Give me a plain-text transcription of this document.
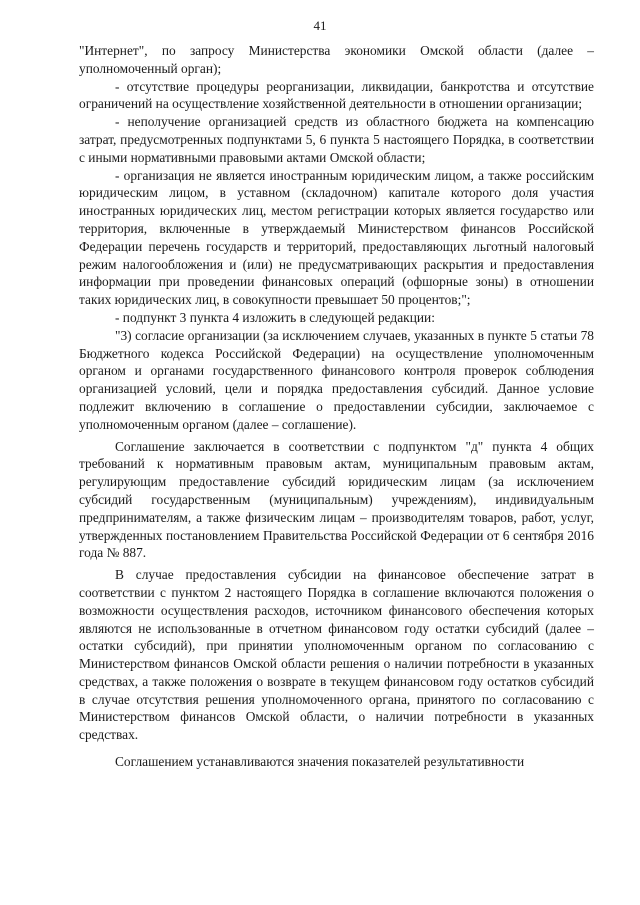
41

"Интернет", по запросу Министерства экономики Омской области (далее – уполномоченный орган);

- отсутствие процедуры реорганизации, ликвидации, банкротства и отсутствие ограничений на осуществление хозяйственной деятельности в отношении организации;

- неполучение организацией средств из областного бюджета на компенсацию затрат, предусмотренных подпунктами 5, 6 пункта 5 настоящего Порядка, в соответствии с иными нормативными правовыми актами Омской области;

- организация не является иностранным юридическим лицом, а также российским юридическим лицом, в уставном (складочном) капитале которого доля участия иностранных юридических лиц, местом регистрации которых является государство или территория, включенные в утверждаемый Министерством финансов Российской Федерации перечень государств и территорий, предоставляющих льготный налоговый режим налогообложения и (или) не предусматривающих раскрытия и предоставления информации при проведении финансовых операций (офшорные зоны) в отношении таких юридических лиц, в совокупности превышает 50 процентов;";

- подпункт 3 пункта 4 изложить в следующей редакции:

"3) согласие организации (за исключением случаев, указанных в пункте 5 статьи 78 Бюджетного кодекса Российской Федерации) на осуществление уполномоченным органом и органами государственного финансового контроля проверок соблюдения организацией условий, цели и порядка предоставления субсидий. Данное условие подлежит включению в соглашение о предоставлении субсидии, заключаемое с уполномоченным органом (далее – соглашение).

Соглашение заключается в соответствии с подпунктом "д" пункта 4 общих требований к нормативным правовым актам, муниципальным правовым актам, регулирующим предоставление субсидий юридическим лицам (за исключением субсидий государственным (муниципальным) учреждениям), индивидуальным предпринимателям, а также физическим лицам – производителям товаров, работ, услуг, утвержденных постановлением Правительства Российской Федерации от 6 сентября 2016 года № 887.

В случае предоставления субсидии на финансовое обеспечение затрат в соответствии с пунктом 2 настоящего Порядка в соглашение включаются положения о возможности осуществления расходов, источником финансового обеспечения которых являются не использованные в отчетном финансовом году остатки субсидий (далее – остатки субсидий), при принятии уполномоченным органом по согласованию с Министерством финансов Омской области решения о наличии потребности в указанных средствах, а также положения о возврате в текущем финансовом году остатков субсидий в случае отсутствия решения уполномоченного органа, принятого по согласованию с Министерством финансов Омской области, о наличии потребности в указанных средствах.

Соглашением устанавливаются значения показателей результативности
